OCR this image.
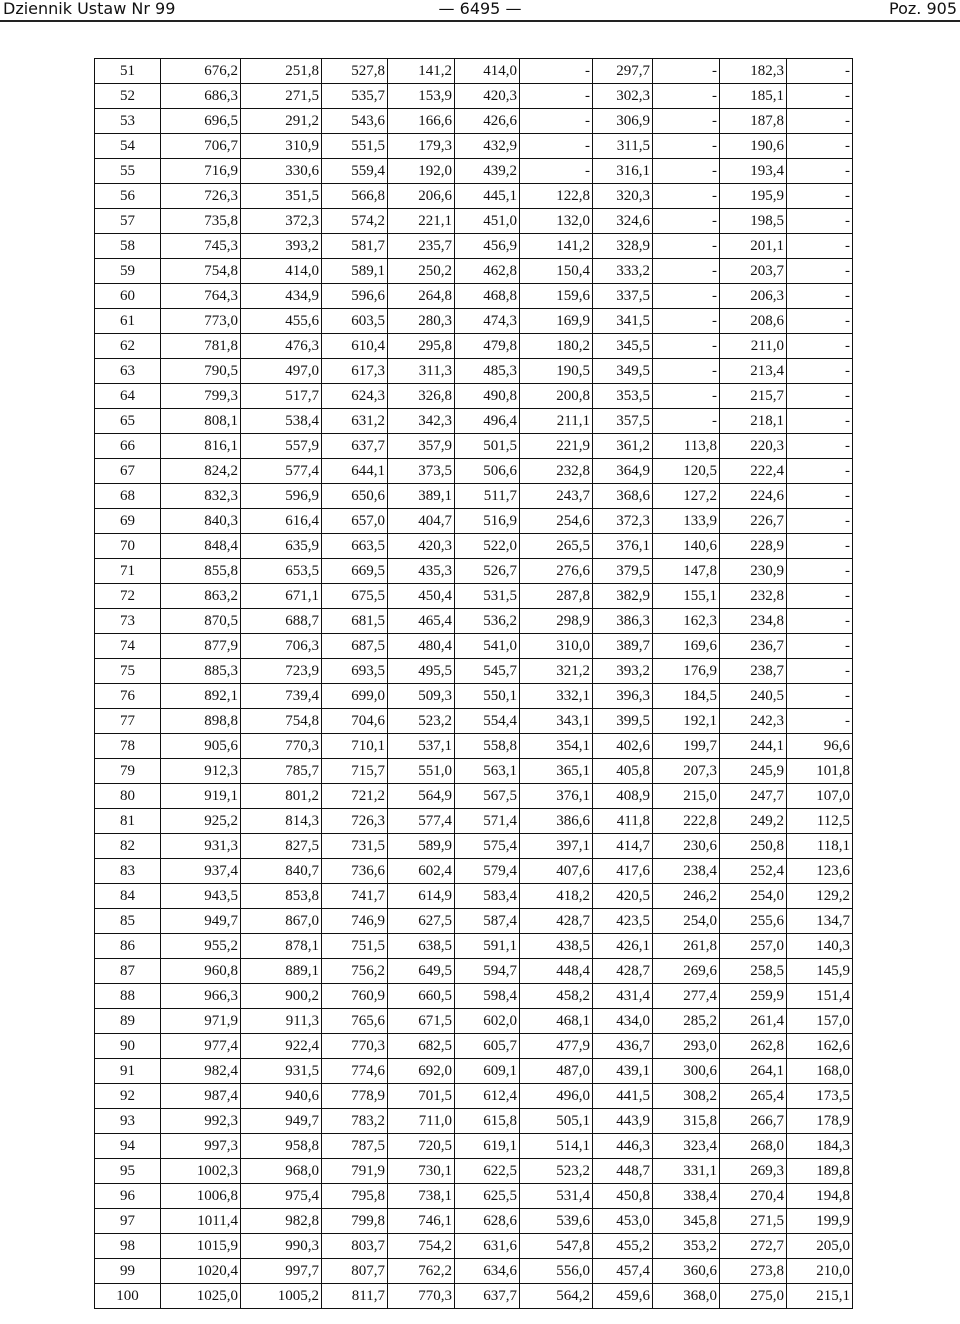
Dziennik Ustaw Nr 99	— 6495 —	Poz. 905
51	676,2	251,8	527,8	141,2	414,0	-	297,7	-	182,3	-
52	686,3	271,5	535,7	153,9	420,3	-	302,3	-	185,1	-
53	696,5	291,2	543,6	166,6	426,6	-	306,9	-	187,8	-
54	706,7	310,9	551,5	179,3	432,9	-	311,5	-	190,6	-
55	716,9	330,6	559,4	192,0	439,2	-	316,1	-	193,4	-
56	726,3	351,5	566,8	206,6	445,1	122,8	320,3	-	195,9	-
57	735,8	372,3	574,2	221,1	451,0	132,0	324,6	-	198,5	-
58	745,3	393,2	581,7	235,7	456,9	141,2	328,9	-	201,1	-
59	754,8	414,0	589,1	250,2	462,8	150,4	333,2	-	203,7	-
60	764,3	434,9	596,6	264,8	468,8	159,6	337,5	-	206,3	-
61	773,0	455,6	603,5	280,3	474,3	169,9	341,5	-	208,6	-
62	781,8	476,3	610,4	295,8	479,8	180,2	345,5	-	211,0	-
63	790,5	497,0	617,3	311,3	485,3	190,5	349,5	-	213,4	-
64	799,3	517,7	624,3	326,8	490,8	200,8	353,5	-	215,7	-
65	808,1	538,4	631,2	342,3	496,4	211,1	357,5	-	218,1	-
66	816,1	557,9	637,7	357,9	501,5	221,9	361,2	113,8	220,3	-
67	824,2	577,4	644,1	373,5	506,6	232,8	364,9	120,5	222,4	-
68	832,3	596,9	650,6	389,1	511,7	243,7	368,6	127,2	224,6	-
69	840,3	616,4	657,0	404,7	516,9	254,6	372,3	133,9	226,7	-
70	848,4	635,9	663,5	420,3	522,0	265,5	376,1	140,6	228,9	-
71	855,8	653,5	669,5	435,3	526,7	276,6	379,5	147,8	230,9	-
72	863,2	671,1	675,5	450,4	531,5	287,8	382,9	155,1	232,8	-
73	870,5	688,7	681,5	465,4	536,2	298,9	386,3	162,3	234,8	-
74	877,9	706,3	687,5	480,4	541,0	310,0	389,7	169,6	236,7	-
75	885,3	723,9	693,5	495,5	545,7	321,2	393,2	176,9	238,7	-
76	892,1	739,4	699,0	509,3	550,1	332,1	396,3	184,5	240,5	-
77	898,8	754,8	704,6	523,2	554,4	343,1	399,5	192,1	242,3	-
78	905,6	770,3	710,1	537,1	558,8	354,1	402,6	199,7	244,1	96,6
79	912,3	785,7	715,7	551,0	563,1	365,1	405,8	207,3	245,9	101,8
80	919,1	801,2	721,2	564,9	567,5	376,1	408,9	215,0	247,7	107,0
81	925,2	814,3	726,3	577,4	571,4	386,6	411,8	222,8	249,2	112,5
82	931,3	827,5	731,5	589,9	575,4	397,1	414,7	230,6	250,8	118,1
83	937,4	840,7	736,6	602,4	579,4	407,6	417,6	238,4	252,4	123,6
84	943,5	853,8	741,7	614,9	583,4	418,2	420,5	246,2	254,0	129,2
85	949,7	867,0	746,9	627,5	587,4	428,7	423,5	254,0	255,6	134,7
86	955,2	878,1	751,5	638,5	591,1	438,5	426,1	261,8	257,0	140,3
87	960,8	889,1	756,2	649,5	594,7	448,4	428,7	269,6	258,5	145,9
88	966,3	900,2	760,9	660,5	598,4	458,2	431,4	277,4	259,9	151,4
89	971,9	911,3	765,6	671,5	602,0	468,1	434,0	285,2	261,4	157,0
90	977,4	922,4	770,3	682,5	605,7	477,9	436,7	293,0	262,8	162,6
91	982,4	931,5	774,6	692,0	609,1	487,0	439,1	300,6	264,1	168,0
92	987,4	940,6	778,9	701,5	612,4	496,0	441,5	308,2	265,4	173,5
93	992,3	949,7	783,2	711,0	615,8	505,1	443,9	315,8	266,7	178,9
94	997,3	958,8	787,5	720,5	619,1	514,1	446,3	323,4	268,0	184,3
95	1002,3	968,0	791,9	730,1	622,5	523,2	448,7	331,1	269,3	189,8
96	1006,8	975,4	795,8	738,1	625,5	531,4	450,8	338,4	270,4	194,8
97	1011,4	982,8	799,8	746,1	628,6	539,6	453,0	345,8	271,5	199,9
98	1015,9	990,3	803,7	754,2	631,6	547,8	455,2	353,2	272,7	205,0
99	1020,4	997,7	807,7	762,2	634,6	556,0	457,4	360,6	273,8	210,0
100	1025,0	1005,2	811,7	770,3	637,7	564,2	459,6	368,0	275,0	215,1
